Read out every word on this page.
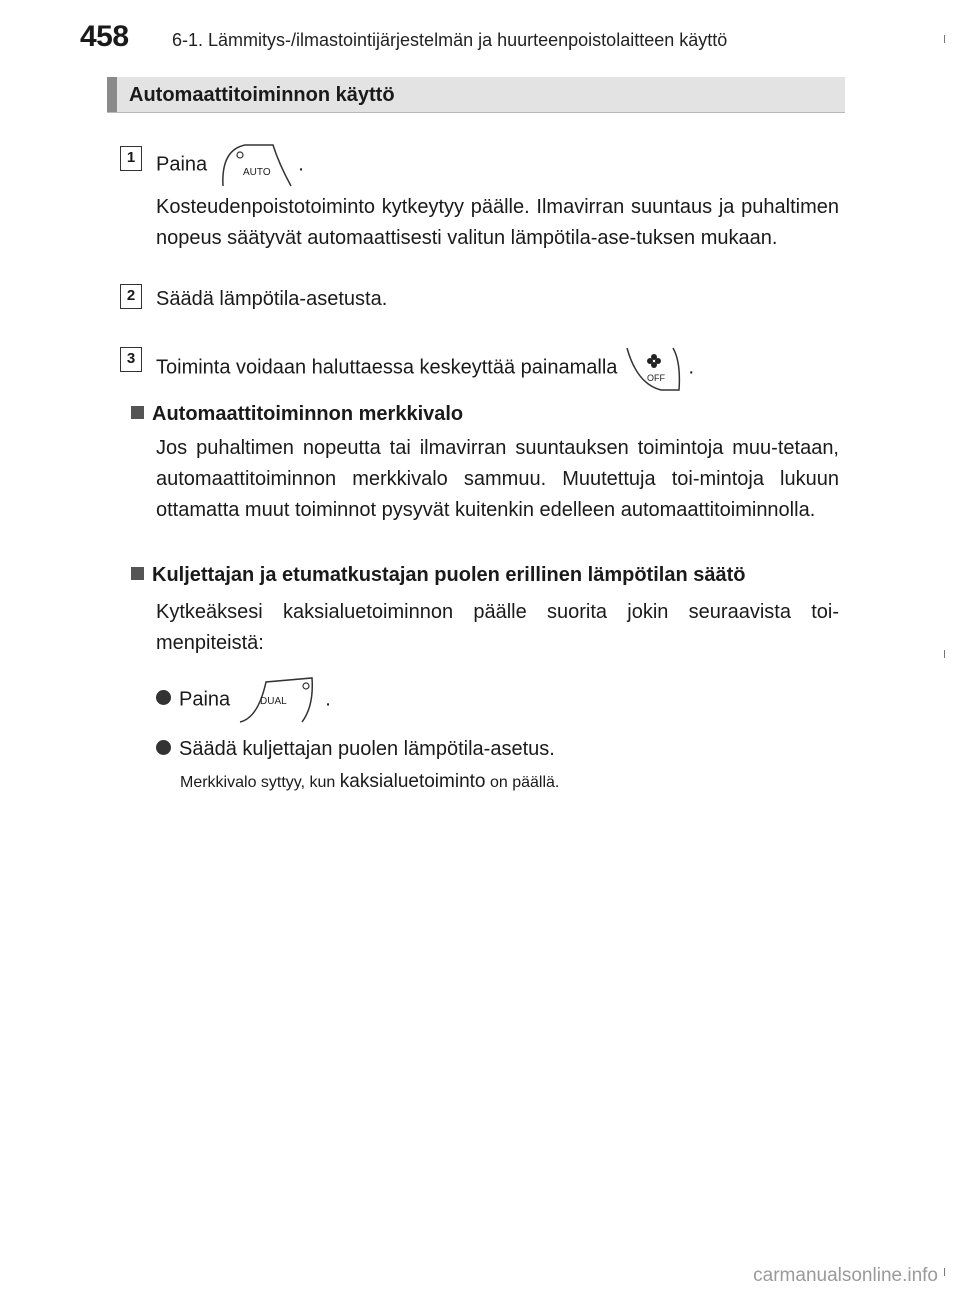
458 6-1. Lämmitys-/ilmastointijärjestelmän ja huurteenpoistolaitteen käyttö
Automaattitoiminnon käyttö
1	Paina	AUTO .
Kosteudenpoistotoiminto kytkeytyy päälle. Ilmavirran suuntaus ja puhaltimen nopeus säätyvät automaattisesti valitun lämpötila-ase-tuksen mukaan.
2	Säädä lämpötila-asetusta.
3	Toiminta voidaan haluttaessa keskeyttää painamalla	OFF .
Automaattitoiminnon merkkivalo
Jos puhaltimen nopeutta tai ilmavirran suuntauksen toimintoja muu-tetaan, automaattitoiminnon merkkivalo sammuu. Muutettuja toi-mintoja lukuun ottamatta muut toiminnot pysyvät kuitenkin edelleen automaattitoiminnolla.
Kuljettajan ja etumatkustajan puolen erillinen lämpötilan säätö
Kytkeäksesi kaksialuetoiminnon päälle suorita jokin seuraavista toi-menpiteistä:
Paina	DUAL .
Säädä kuljettajan puolen lämpötila-asetus.
Merkkivalo syttyy, kun kaksialuetoiminto on päällä.
carmanualsonline.info
